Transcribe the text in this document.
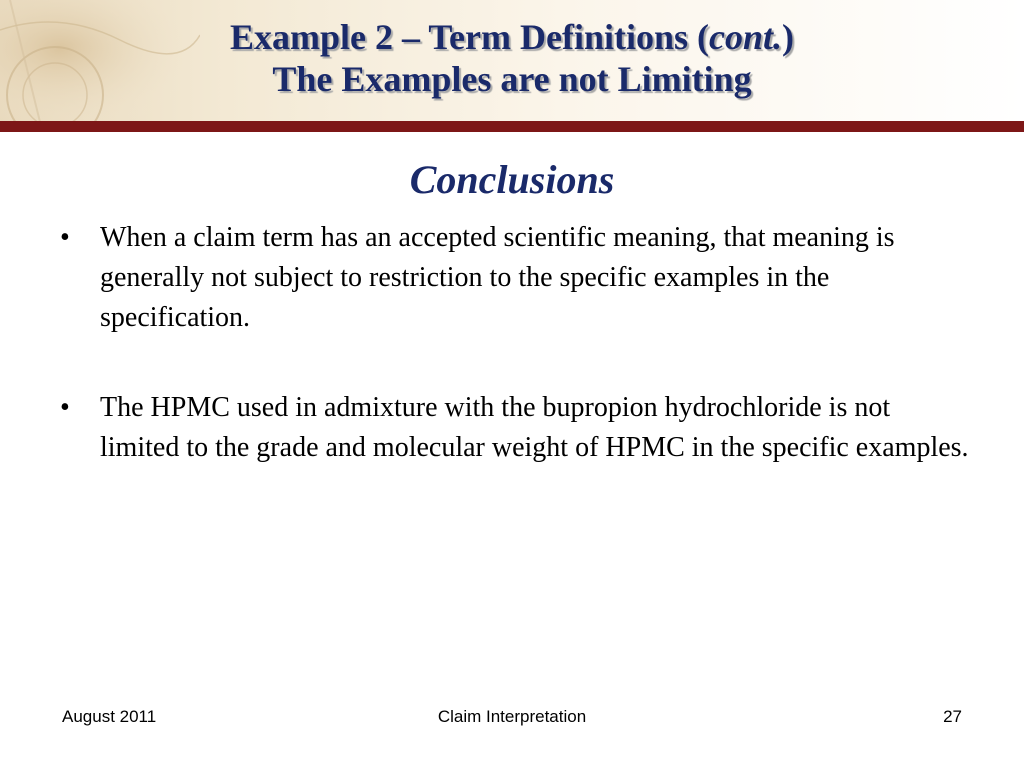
Example 2 – Term Definitions (cont.)
The Examples are not Limiting
Conclusions
• When a claim term has an accepted scientific meaning, that meaning is generally not subject to restriction to the specific examples in the specification.
• The HPMC used in admixture with the bupropion hydrochloride is not limited to the grade and molecular weight of HPMC in the specific examples.
August 2011	Claim Interpretation	27
